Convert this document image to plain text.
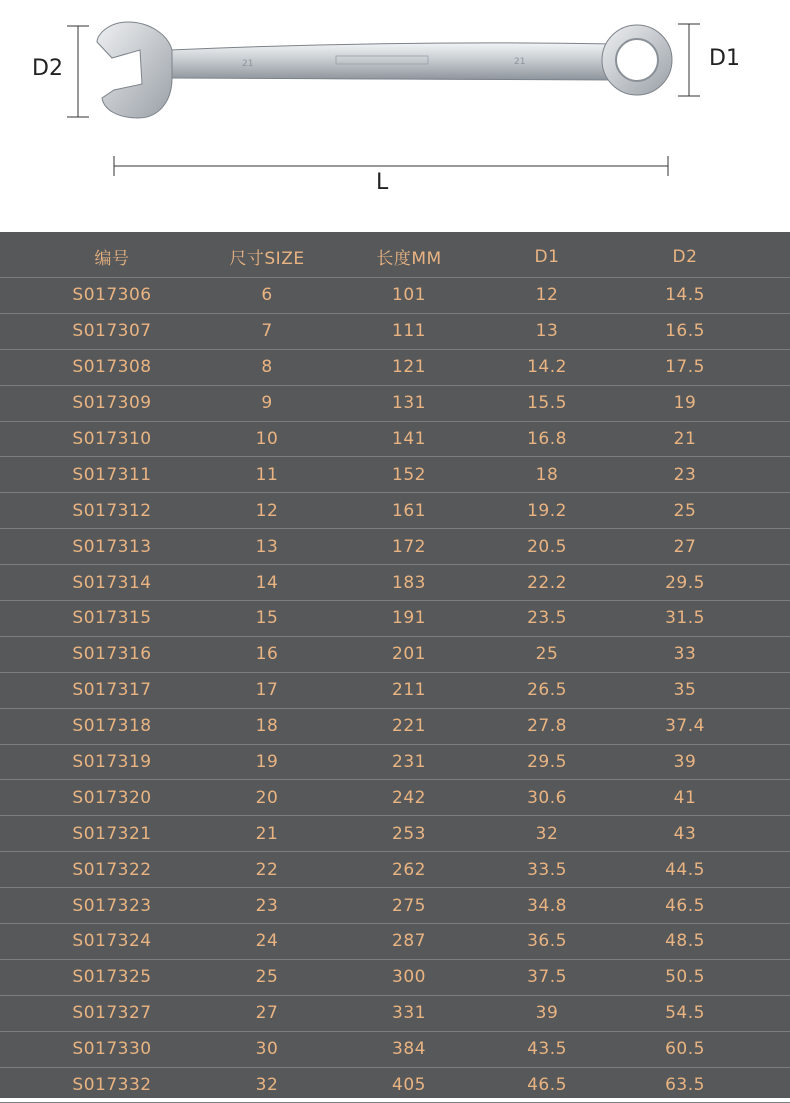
21	21
D2	D1
L
编号	尺寸SIZE	长度MM	D1	D2
S017306	6	101	12	14.5
S017307	7	111	13	16.5
S017308	8	121	14.2	17.5
S017309	9	131	15.5	19
S017310	10	141	16.8	21
S017311	11	152	18	23
S017312	12	161	19.2	25
S017313	13	172	20.5	27
S017314	14	183	22.2	29.5
S017315	15	191	23.5	31.5
S017316	16	201	25	33
S017317	17	211	26.5	35
S017318	18	221	27.8	37.4
S017319	19	231	29.5	39
S017320	20	242	30.6	41
S017321	21	253	32	43
S017322	22	262	33.5	44.5
S017323	23	275	34.8	46.5
S017324	24	287	36.5	48.5
S017325	25	300	37.5	50.5
S017327	27	331	39	54.5
S017330	30	384	43.5	60.5
S017332	32	405	46.5	63.5
